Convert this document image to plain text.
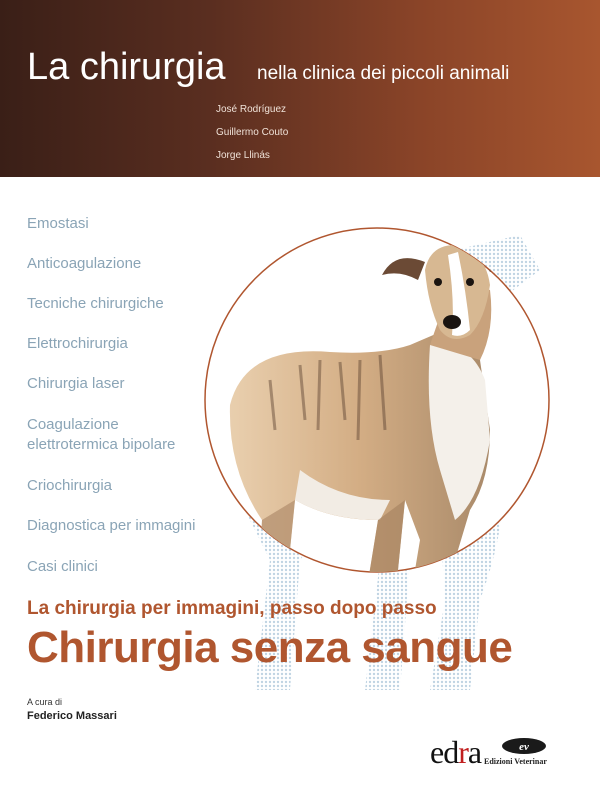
La chirurgia nella clinica dei piccoli animali
José Rodríguez
Guillermo Couto
Jorge Llinás
Emostasi
Anticoagulazione
Tecniche chirurgiche
Elettrochirurgia
Chirurgia laser
Coagulazione
elettrotermica bipolare
Criochirurgia
Diagnostica per immagini
Casi clinici
La chirurgia per immagini, passo dopo passo
Chirurgia senza sangue
A cura di
Federico Massari
edra	ev
Edizioni Veterinar
